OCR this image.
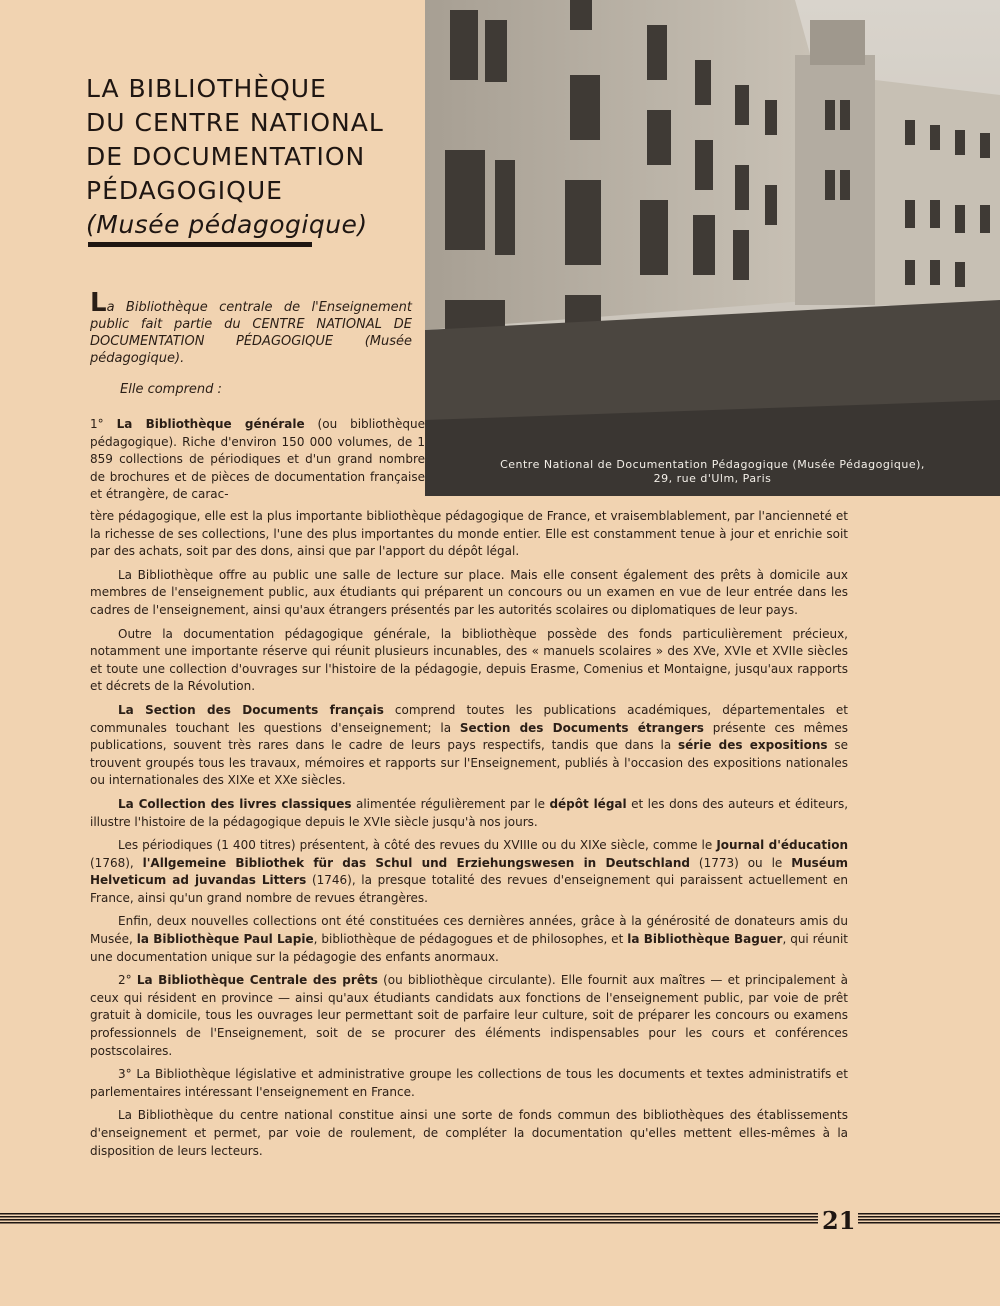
LA BIBLIOTHÈQUE
DU CENTRE NATIONAL
DE DOCUMENTATION
PÉDAGOGIQUE
(Musée pédagogique)
Centre National de Documentation Pédagogique (Musée Pédagogique),
29, rue d'Ulm, Paris
La Bibliothèque centrale de l'Enseignement public fait partie du CENTRE NATIONAL DE DOCUMENTATION PÉDAGOGIQUE (Musée pédagogique).
Elle comprend :
1° La Bibliothèque générale (ou bibliothèque pédagogique). Riche d'environ 150 000 volumes, de 1 859 collections de périodiques et d'un grand nombre de brochures et de pièces de documentation française et étrangère, de carac-

tère pédagogique, elle est la plus importante bibliothèque pédagogique de France, et vraisemblablement, par l'ancienneté et la richesse de ses collections, l'une des plus importantes du monde entier. Elle est constamment tenue à jour et enrichie soit par des achats, soit par des dons, ainsi que par l'apport du dépôt légal.

La Bibliothèque offre au public une salle de lecture sur place. Mais elle consent également des prêts à domicile aux membres de l'enseignement public, aux étudiants qui préparent un concours ou un examen en vue de leur entrée dans les cadres de l'enseignement, ainsi qu'aux étrangers présentés par les autorités scolaires ou diplomatiques de leur pays.

Outre la documentation pédagogique générale, la bibliothèque possède des fonds particulièrement précieux, notamment une importante réserve qui réunit plusieurs incunables, des « manuels scolaires » des XVe, XVIe et XVIIe siècles et toute une collection d'ouvrages sur l'histoire de la pédagogie, depuis Erasme, Comenius et Montaigne, jusqu'aux rapports et décrets de la Révolution.

La Section des Documents français comprend toutes les publications académiques, départementales et communales touchant les questions d'enseignement; la Section des Documents étrangers présente ces mêmes publications, souvent très rares dans le cadre de leurs pays respectifs, tandis que dans la série des expositions se trouvent groupés tous les travaux, mémoires et rapports sur l'Enseignement, publiés à l'occasion des expositions nationales ou internationales des XIXe et XXe siècles.

La Collection des livres classiques alimentée régulièrement par le dépôt légal et les dons des auteurs et éditeurs, illustre l'histoire de la pédagogique depuis le XVIe siècle jusqu'à nos jours.

Les périodiques (1 400 titres) présentent, à côté des revues du XVIIIe ou du XIXe siècle, comme le Journal d'éducation (1768), l'Allgemeine Bibliothek für das Schul und Erziehungswesen in Deutschland (1773) ou le Muséum Helveticum ad juvandas Litters (1746), la presque totalité des revues d'enseignement qui paraissent actuellement en France, ainsi qu'un grand nombre de revues étrangères.

Enfin, deux nouvelles collections ont été constituées ces dernières années, grâce à la générosité de donateurs amis du Musée, la Bibliothèque Paul Lapie, bibliothèque de pédagogues et de philosophes, et la Bibliothèque Baguer, qui réunit une documentation unique sur la pédagogie des enfants anormaux.

2° La Bibliothèque Centrale des prêts (ou bibliothèque circulante). Elle fournit aux maîtres — et principalement à ceux qui résident en province — ainsi qu'aux étudiants candidats aux fonctions de l'enseignement public, par voie de prêt gratuit à domicile, tous les ouvrages leur permettant soit de parfaire leur culture, soit de préparer les concours ou examens professionnels de l'Enseignement, soit de se procurer des éléments indispensables pour les cours et conférences postscolaires.

3° La Bibliothèque législative et administrative groupe les collections de tous les documents et textes administratifs et parlementaires intéressant l'enseignement en France.

La Bibliothèque du centre national constitue ainsi une sorte de fonds commun des bibliothèques des établissements d'enseignement et permet, par voie de roulement, de compléter la documentation qu'elles mettent elles-mêmes à la disposition de leurs lecteurs.

21
